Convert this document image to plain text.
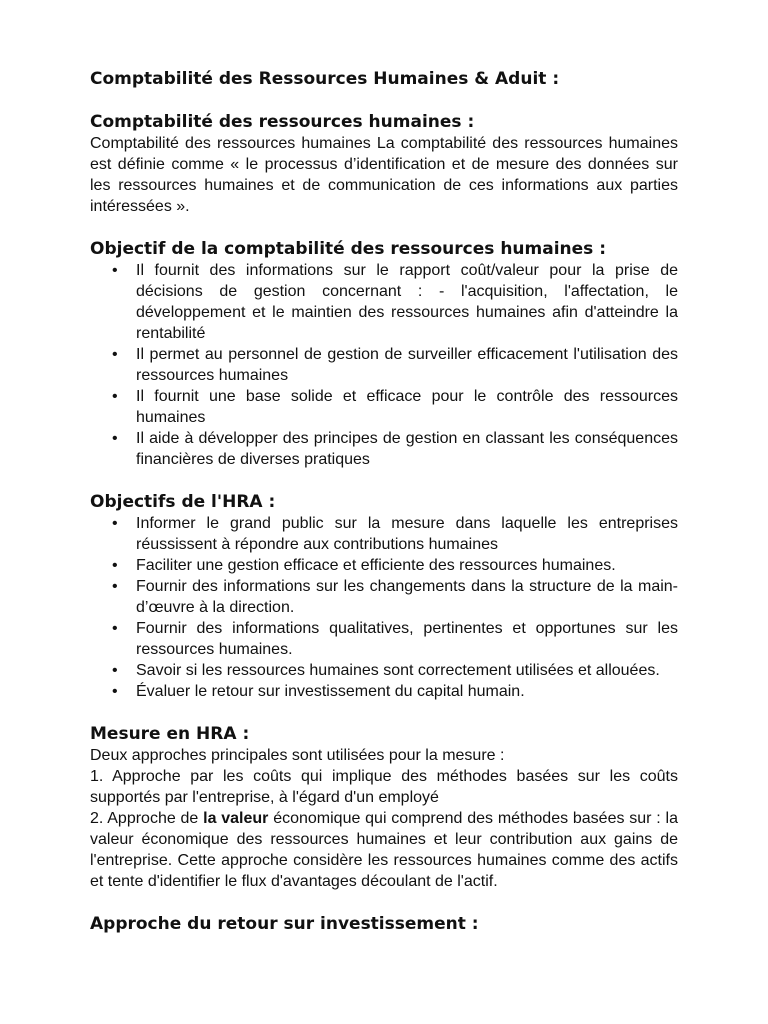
Comptabilité des Ressources Humaines & Aduit :

Comptabilité des ressources humaines :

Comptabilité des ressources humaines La comptabilité des ressources humaines est définie comme « le processus d’identification et de mesure des données sur les ressources humaines et de communication de ces informations aux parties intéressées ».

Objectif de la comptabilité des ressources humaines :

• Il fournit des informations sur le rapport coût/valeur pour la prise de décisions de gestion concernant : - l'acquisition, l'affectation, le développement et le maintien des ressources humaines afin d'atteindre la rentabilité
• Il permet au personnel de gestion de surveiller efficacement l'utilisation des ressources humaines
• Il fournit une base solide et efficace pour le contrôle des ressources humaines
• Il aide à développer des principes de gestion en classant les conséquences financières de diverses pratiques

Objectifs de l'HRA :

• Informer le grand public sur la mesure dans laquelle les entreprises réussissent à répondre aux contributions humaines
• Faciliter une gestion efficace et efficiente des ressources humaines.
• Fournir des informations sur les changements dans la structure de la main-d’œuvre à la direction.
• Fournir des informations qualitatives, pertinentes et opportunes sur les ressources humaines.
• Savoir si les ressources humaines sont correctement utilisées et allouées.
• Évaluer le retour sur investissement du capital humain.

Mesure en HRA :

Deux approches principales sont utilisées pour la mesure :

1. Approche par les coûts qui implique des méthodes basées sur les coûts supportés par l'entreprise, à l'égard d'un employé

2. Approche de la valeur économique qui comprend des méthodes basées sur : la valeur économique des ressources humaines et leur contribution aux gains de l'entreprise. Cette approche considère les ressources humaines comme des actifs et tente d'identifier le flux d'avantages découlant de l'actif.

Approche du retour sur investissement :
